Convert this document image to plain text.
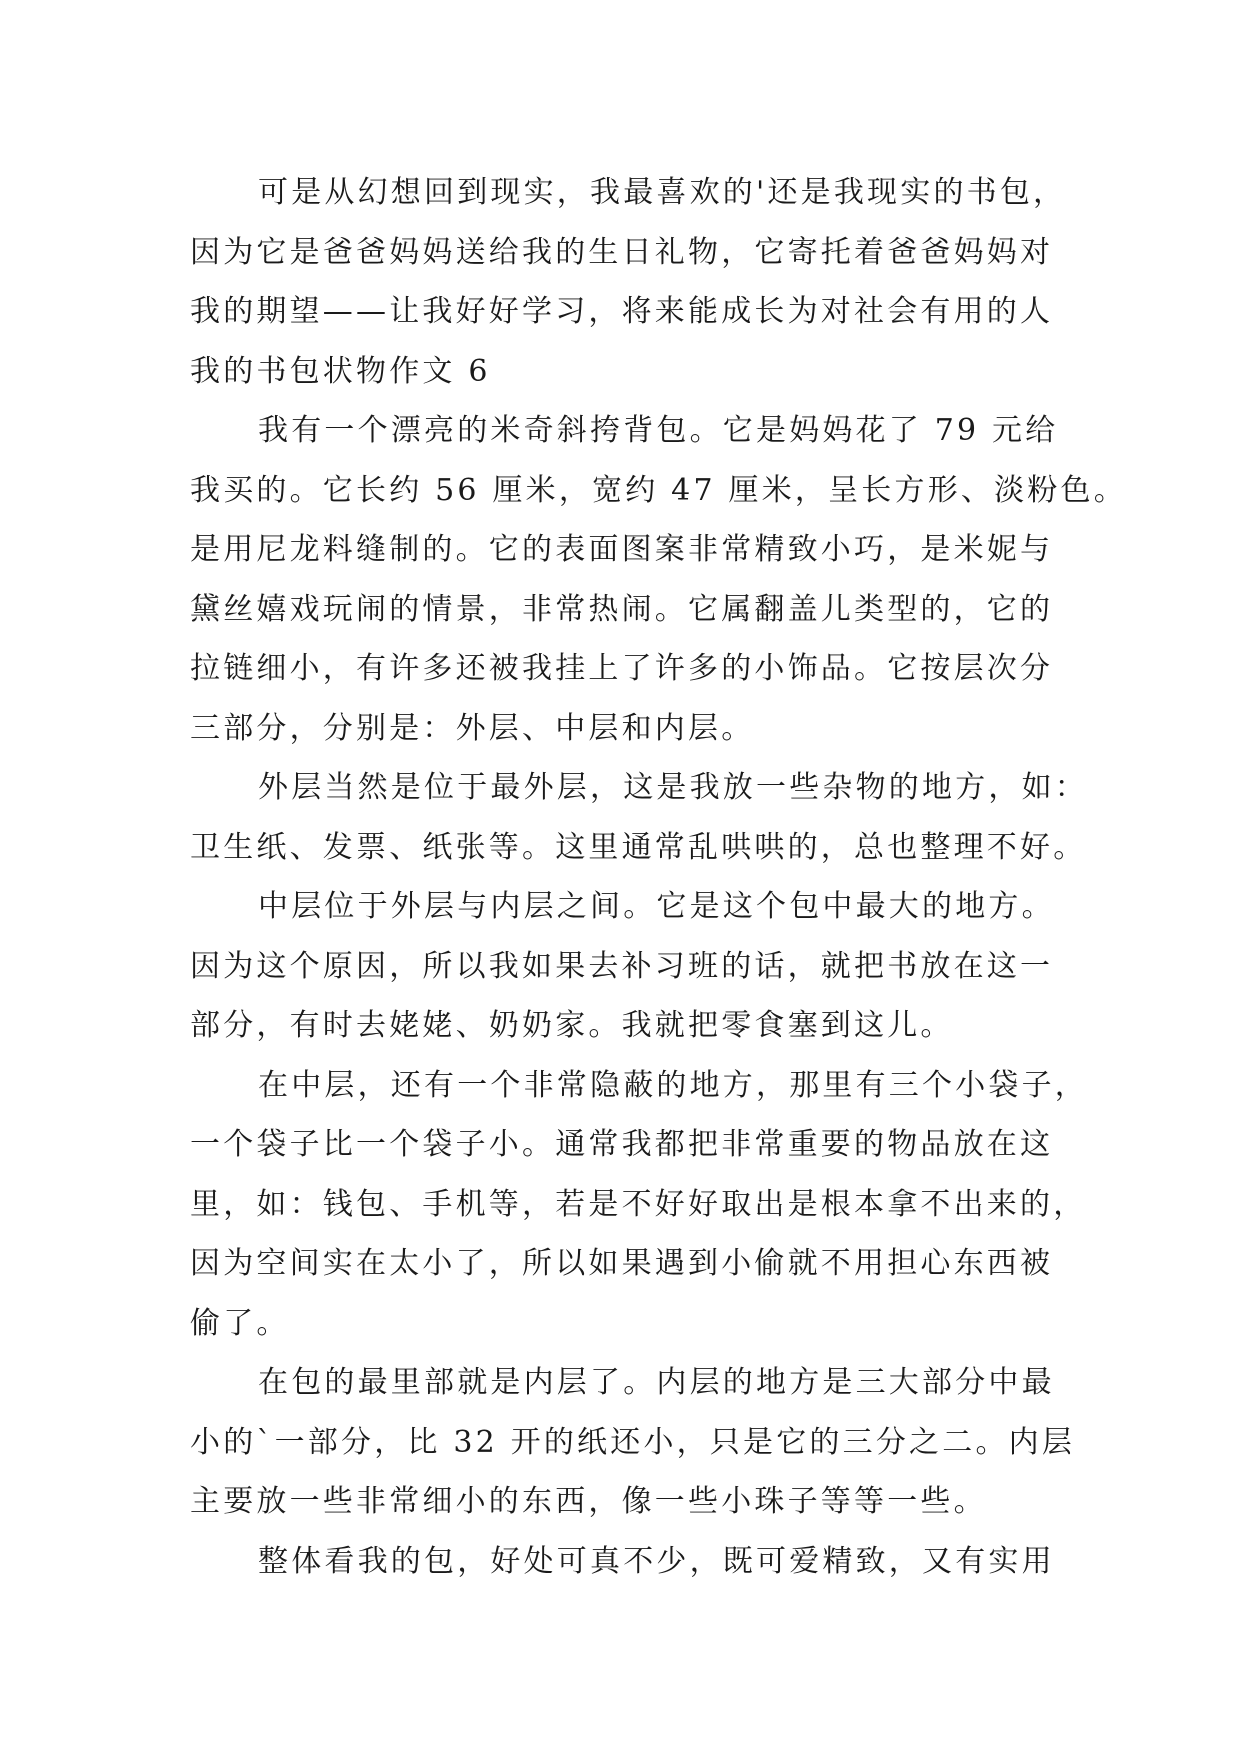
可是从幻想回到现实，我最喜欢的'还是我现实的书包，
因为它是爸爸妈妈送给我的生日礼物，它寄托着爸爸妈妈对
我的期望——让我好好学习，将来能成长为对社会有用的人
我的书包状物作文 6
我有一个漂亮的米奇斜挎背包。它是妈妈花了 79 元给
我买的。它长约 56 厘米，宽约 47 厘米，呈长方形、淡粉色。
是用尼龙料缝制的。它的表面图案非常精致小巧，是米妮与
黛丝嬉戏玩闹的情景，非常热闹。它属翻盖儿类型的，它的
拉链细小，有许多还被我挂上了许多的小饰品。它按层次分
三部分，分别是：外层、中层和内层。
外层当然是位于最外层，这是我放一些杂物的地方，如：
卫生纸、发票、纸张等。这里通常乱哄哄的，总也整理不好。
中层位于外层与内层之间。它是这个包中最大的地方。
因为这个原因，所以我如果去补习班的话，就把书放在这一
部分，有时去姥姥、奶奶家。我就把零食塞到这儿。
在中层，还有一个非常隐蔽的地方，那里有三个小袋子，
一个袋子比一个袋子小。通常我都把非常重要的物品放在这
里，如：钱包、手机等，若是不好好取出是根本拿不出来的，
因为空间实在太小了，所以如果遇到小偷就不用担心东西被
偷了。
在包的最里部就是内层了。内层的地方是三大部分中最
小的`一部分，比 32 开的纸还小，只是它的三分之二。内层
主要放一些非常细小的东西，像一些小珠子等等一些。
整体看我的包，好处可真不少，既可爱精致，又有实用
